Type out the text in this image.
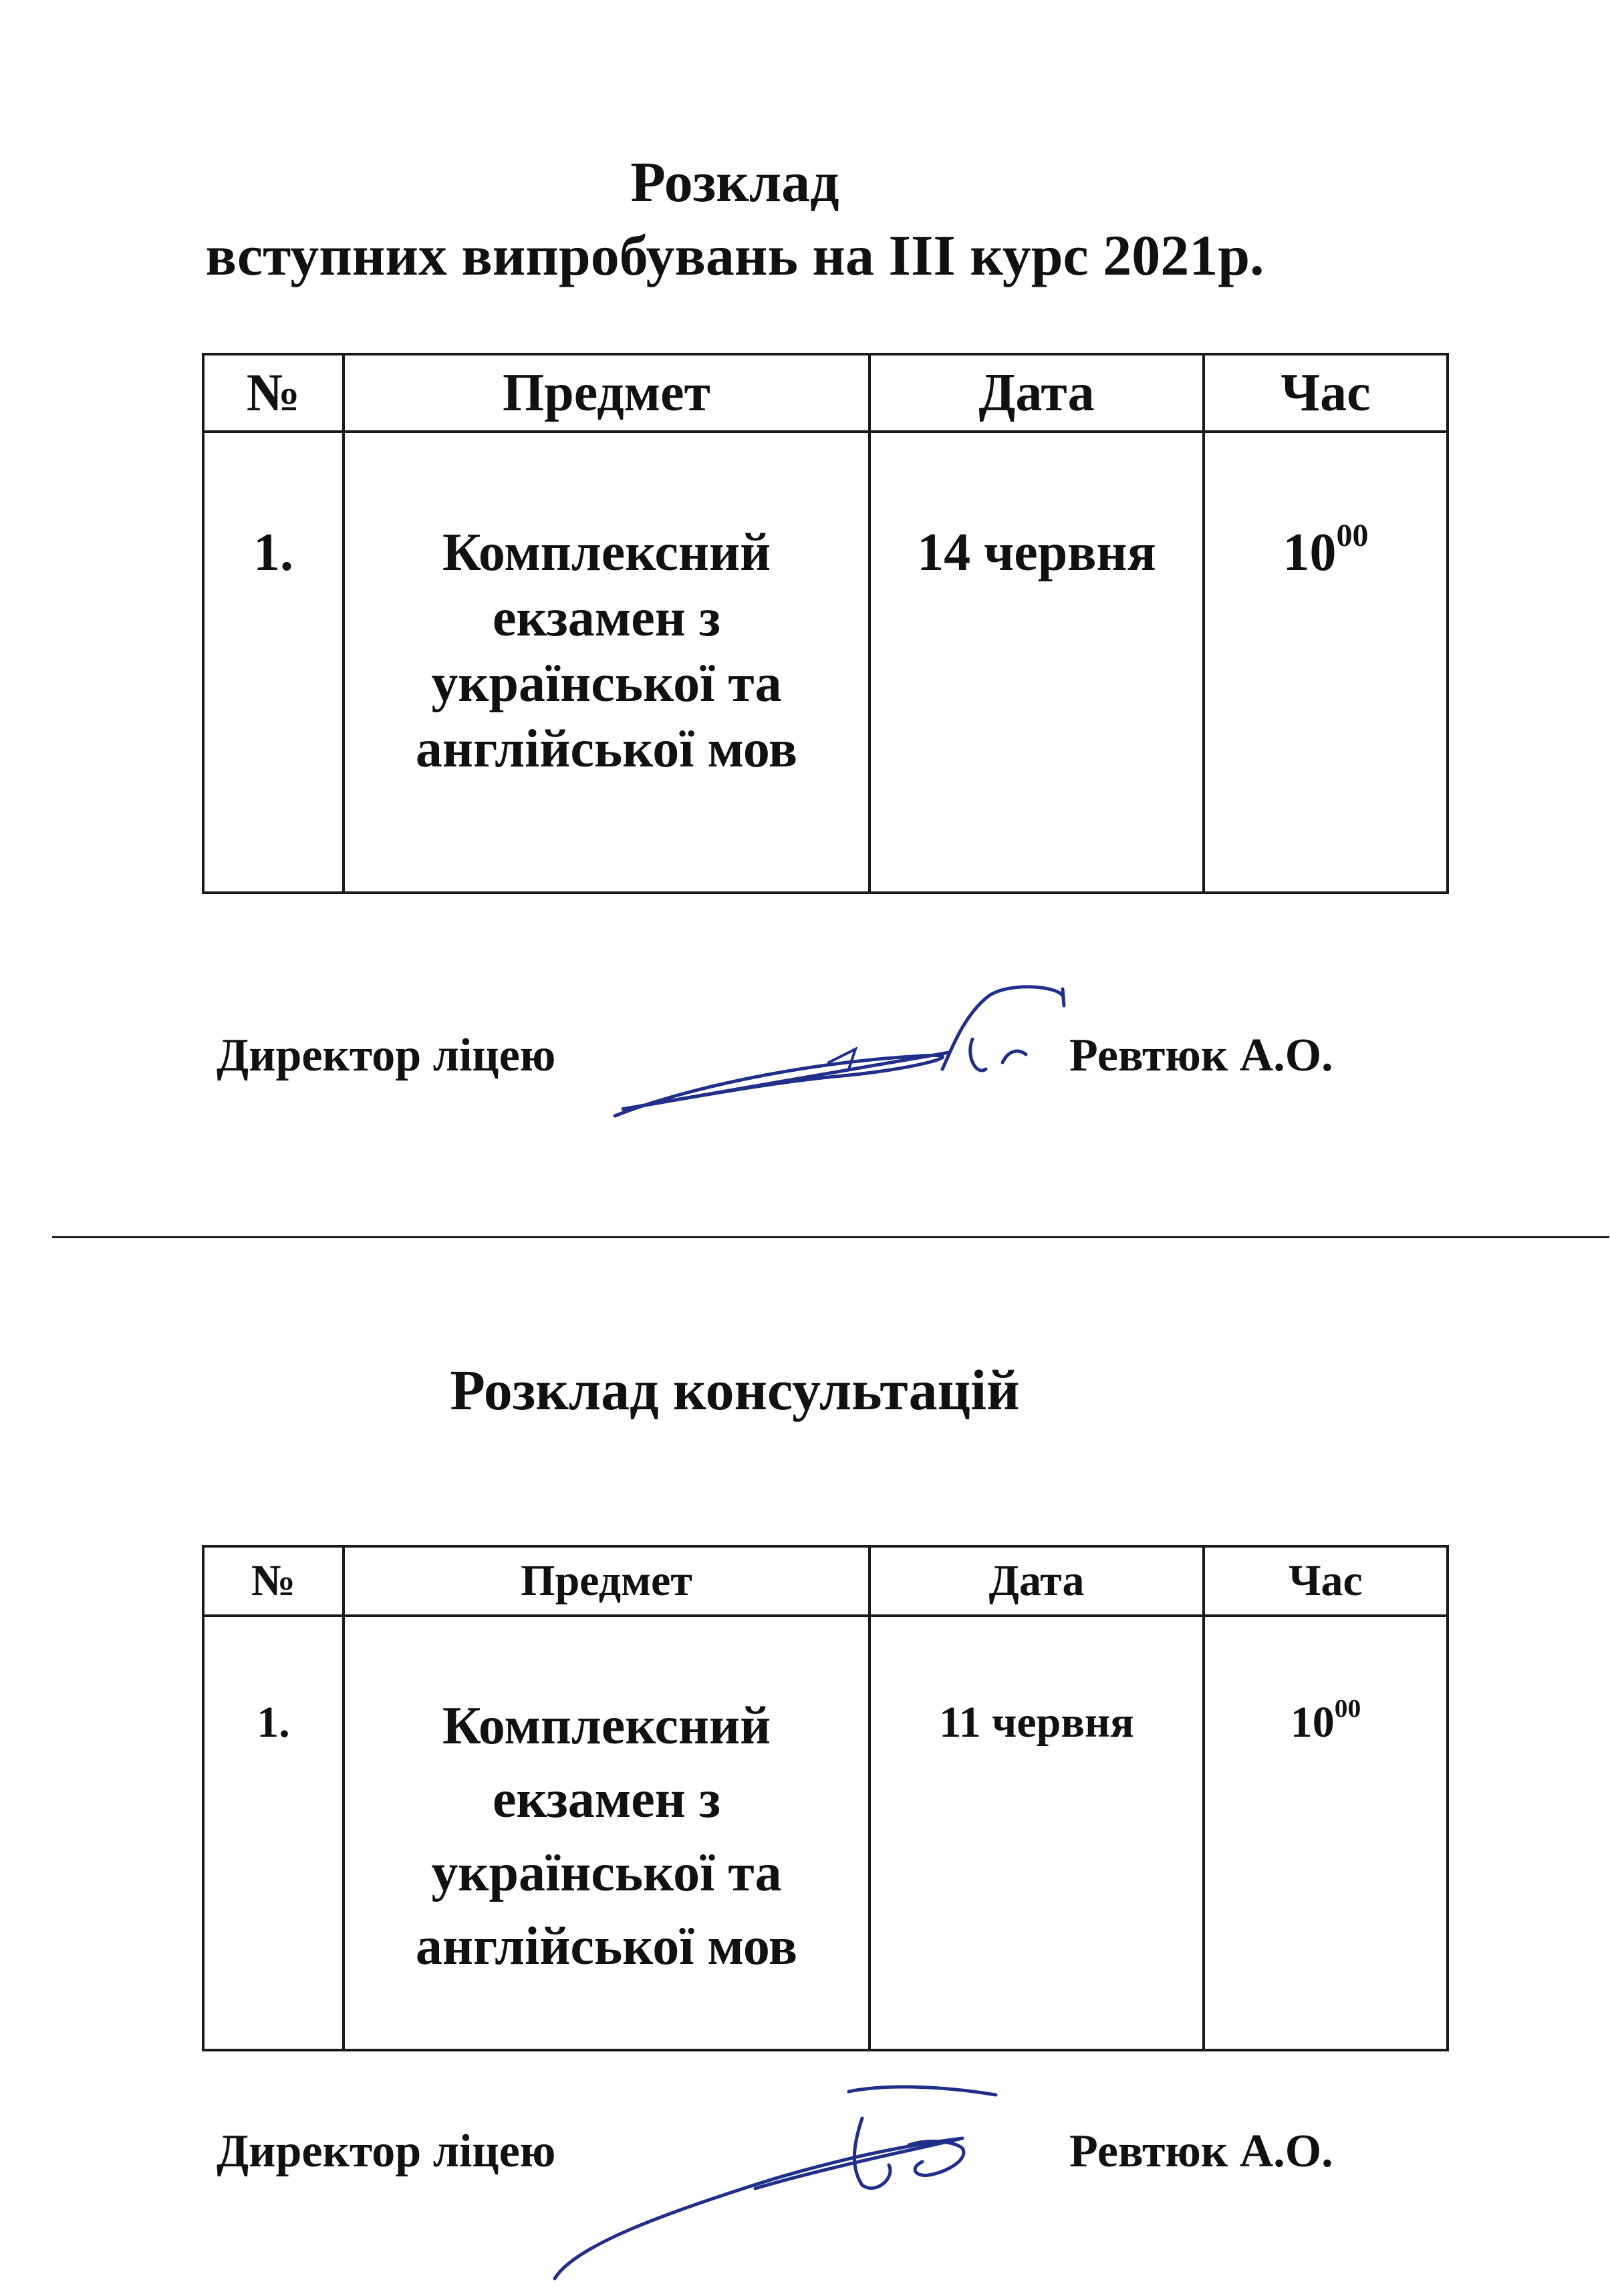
Розклад
вступних випробувань на ІІІ курс 2021р.
№	Предмет	Дата	Час
1.	Комплексний екзамен з української та англійської мов	14 червня	$10^{00}$

Директор ліцею	Ревтюк А.О.

Розклад консультацій
№	Предмет	Дата	Час
1.	Комплексний екзамен з української та англійської мов	11 червня	$10^{00}$

Директор ліцею	Ревтюк А.О.
